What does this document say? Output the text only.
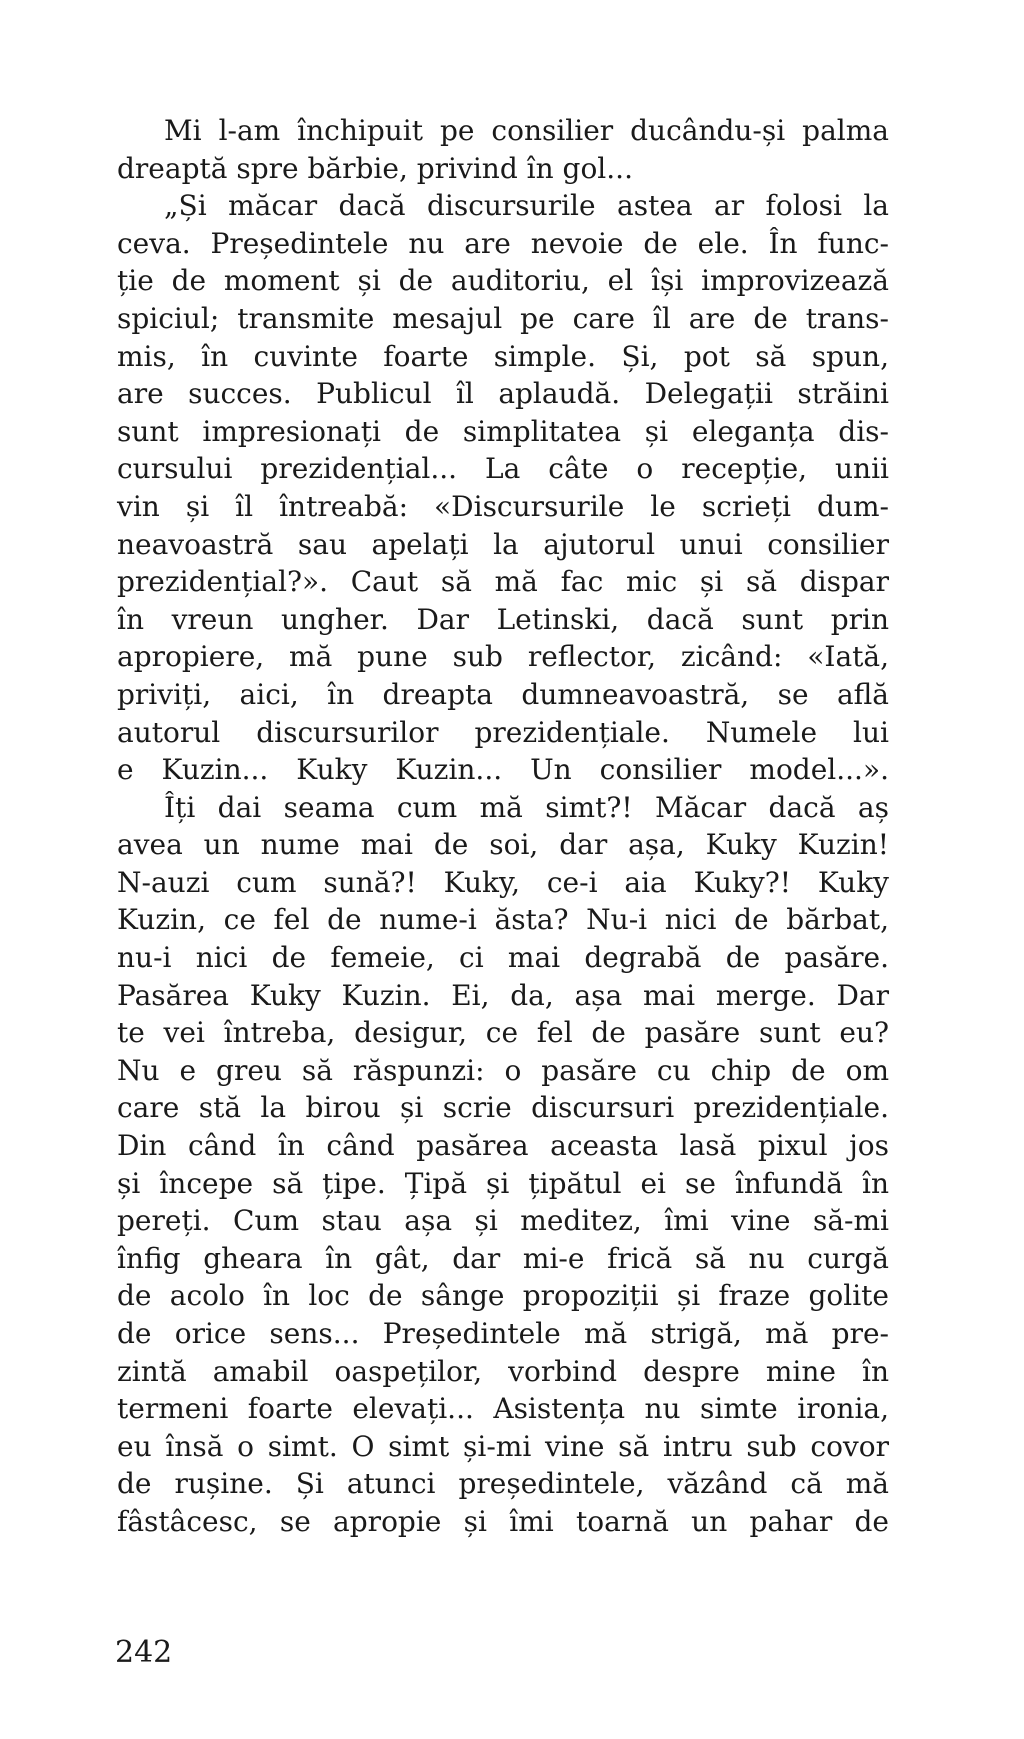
Mi l-am închipuit pe consilier ducându-și palma
dreaptă spre bărbie, privind în gol...
„Și măcar dacă discursurile astea ar folosi la
ceva. Președintele nu are nevoie de ele. În func-
ție de moment și de auditoriu, el își improvizează
spiciul; transmite mesajul pe care îl are de trans-
mis, în cuvinte foarte simple. Și, pot să spun,
are succes. Publicul îl aplaudă. Delegații străini
sunt impresionați de simplitatea și eleganța dis-
cursului prezidențial... La câte o recepție, unii
vin și îl întreabă: «Discursurile le scrieți dum-
neavoastră sau apelați la ajutorul unui consilier
prezidențial?». Caut să mă fac mic și să dispar
în vreun ungher. Dar Letinski, dacă sunt prin
apropiere, mă pune sub reflector, zicând: «Iată,
priviți, aici, în dreapta dumneavoastră, se află
autorul discursurilor prezidențiale. Numele lui
e Kuzin... Kuky Kuzin... Un consilier model...».
Îți dai seama cum mă simt?! Măcar dacă aș
avea un nume mai de soi, dar așa, Kuky Kuzin!
N-auzi cum sună?! Kuky, ce-i aia Kuky?! Kuky
Kuzin, ce fel de nume-i ăsta? Nu-i nici de bărbat,
nu-i nici de femeie, ci mai degrabă de pasăre.
Pasărea Kuky Kuzin. Ei, da, așa mai merge. Dar
te vei întreba, desigur, ce fel de pasăre sunt eu?
Nu e greu să răspunzi: o pasăre cu chip de om
care stă la birou și scrie discursuri prezidențiale.
Din când în când pasărea aceasta lasă pixul jos
și începe să țipe. Țipă și țipătul ei se înfundă în
pereți. Cum stau așa și meditez, îmi vine să-mi
înfig gheara în gât, dar mi-e frică să nu curgă
de acolo în loc de sânge propoziții și fraze golite
de orice sens... Președintele mă strigă, mă pre-
zintă amabil oaspeților, vorbind despre mine în
termeni foarte elevați... Asistența nu simte ironia,
eu însă o simt. O simt și-mi vine să intru sub covor
de rușine. Și atunci președintele, văzând că mă
fâstâcesc, se apropie și îmi toarnă un pahar de
242
